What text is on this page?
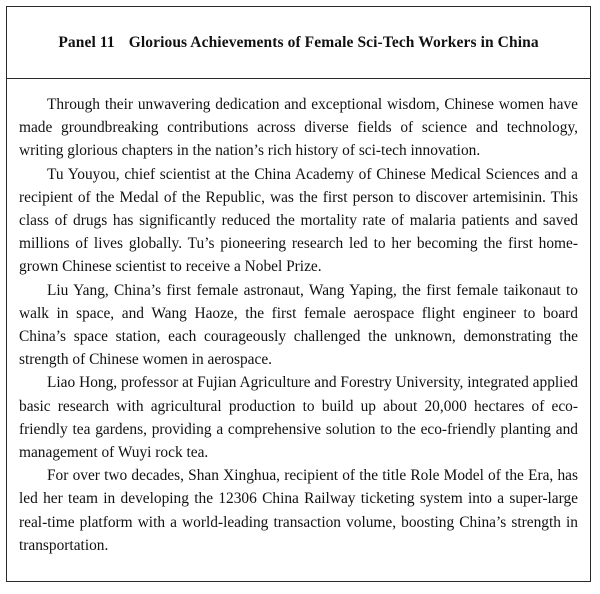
Panel 11 Glorious Achievements of Female Sci-Tech Workers in China

Through their unwavering dedication and exceptional wisdom, Chinese women have made groundbreaking contributions across diverse fields of science and technology, writing glorious chapters in the nation’s rich history of sci-tech innovation.

Tu Youyou, chief scientist at the China Academy of Chinese Medical Sciences and a recipient of the Medal of the Republic, was the first person to discover artemisinin. This class of drugs has significantly reduced the mortality rate of malaria patients and saved millions of lives globally. Tu’s pioneering research led to her becoming the first home-grown Chinese scientist to receive a Nobel Prize.

Liu Yang, China’s first female astronaut, Wang Yaping, the first female taikonaut to walk in space, and Wang Haoze, the first female aerospace flight engineer to board China’s space station, each courageously challenged the unknown, demonstrating the strength of Chinese women in aerospace.

Liao Hong, professor at Fujian Agriculture and Forestry University, integrated applied basic research with agricultural production to build up about 20,000 hectares of eco-friendly tea gardens, providing a comprehensive solution to the eco-friendly planting and management of Wuyi rock tea.

For over two decades, Shan Xinghua, recipient of the title Role Model of the Era, has led her team in developing the 12306 China Railway ticketing system into a super-large real-time platform with a world-leading transaction volume, boosting China’s strength in transportation.
